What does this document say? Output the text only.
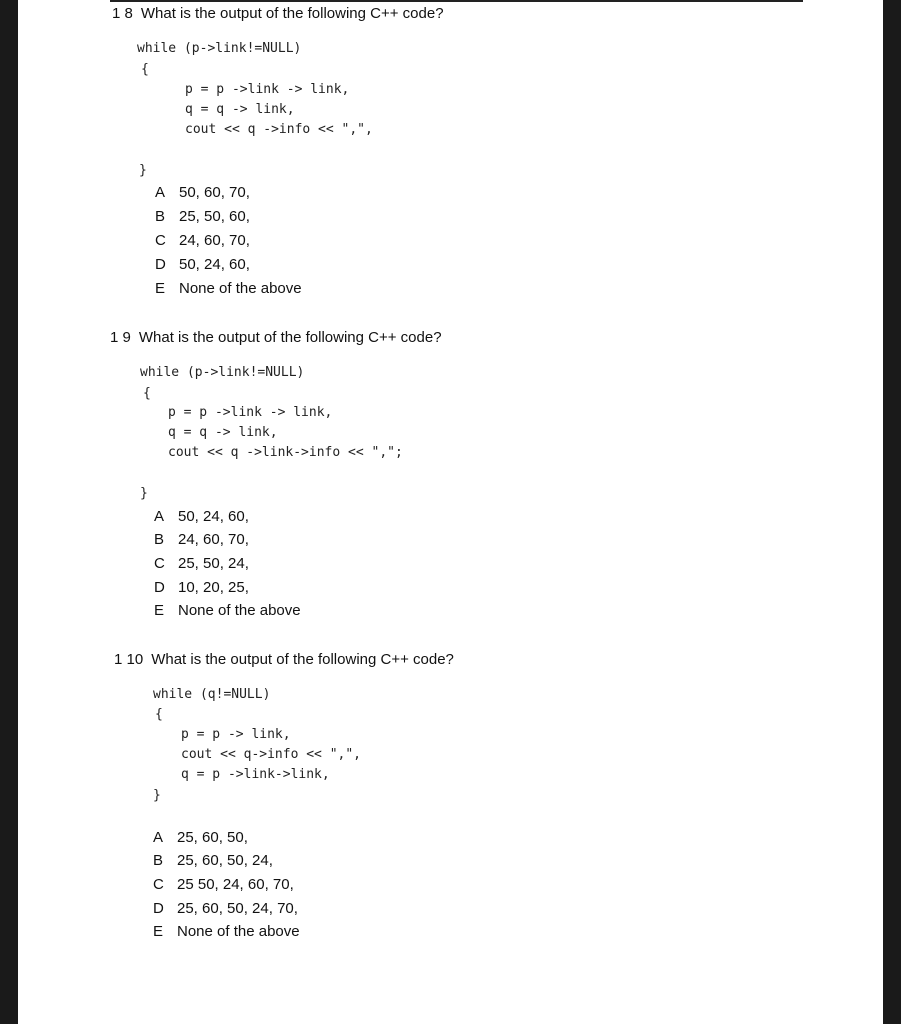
1 8 What is the output of the following C++ code?
while (p->link!=NULL)
{
p = p ->link -> link,
q = q -> link,
cout << q ->info << ",",
}
A 50, 60, 70,
B 25, 50, 60,
C 24, 60, 70,
D 50, 24, 60,
E None of the above
1 9 What is the output of the following C++ code?
while (p->link!=NULL)
{
p = p ->link -> link,
q = q -> link,
cout << q ->link->info << ",";
}
A 50, 24, 60,
B 24, 60, 70,
C 25, 50, 24,
D 10, 20, 25,
E None of the above
1 10 What is the output of the following C++ code?
while (q!=NULL)
{
p = p -> link,
cout << q->info << ",",
q = p ->link->link,
}
A 25, 60, 50,
B 25, 60, 50, 24,
C 25 50, 24, 60, 70,
D 25, 60, 50, 24, 70,
E None of the above
